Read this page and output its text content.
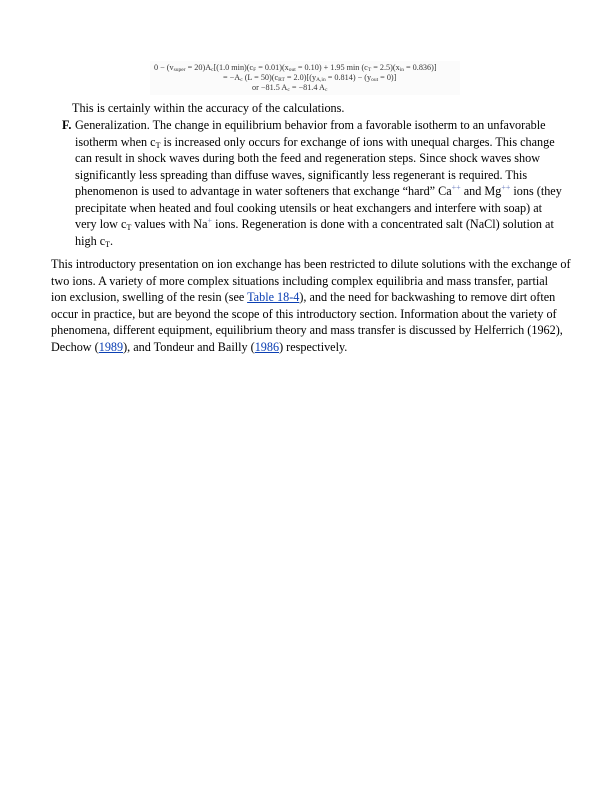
$0 - (v_{super} = 20)A_c[(1.0$ $\min)(c_F = 0.01)(x_{out} = 0.10) + 1.95$ $\min (c_T = 2.5)(x_{in} = 0.836)$]
= $-A_c$ $(L = 50)(c_{RT} = 2.0)[(y_{A,in} = 0.814) - (y_{out} = 0)]$
or −81.5 $A_c = -81.4$ $A_c$
This is certainly within the accuracy of the calculations.
F. Generalization. The change in equilibrium behavior from a favorable isotherm to an unfavorable
isotherm when $c_T$ is increased only occurs for exchange of ions with unequal charges. This change
can result in shock waves during both the feed and regeneration steps. Since shock waves show
significantly less spreading than diffuse waves, significantly less regenerant is required. This
phenomenon is used to advantage in water softeners that exchange “hard” Ca++ and Mg++ ions (they
precipitate when heated and foul cooking utensils or heat exchangers and interfere with soap) at
very low $c_T$ values with Na+ ions. Regeneration is done with a concentrated salt (NaCl) solution at
high $c_T$.
This introductory presentation on ion exchange has been restricted to dilute solutions with the exchange of
two ions. A variety of more complex situations including complex equilibria and mass transfer, partial
ion exclusion, swelling of the resin (see Table 18-4), and the need for backwashing to remove dirt often
occur in practice, but are beyond the scope of this introductory section. Information about the variety of
phenomena, different equipment, equilibrium theory and mass transfer is discussed by Helferrich (1962),
Dechow (1989), and Tondeur and Bailly (1986) respectively.
